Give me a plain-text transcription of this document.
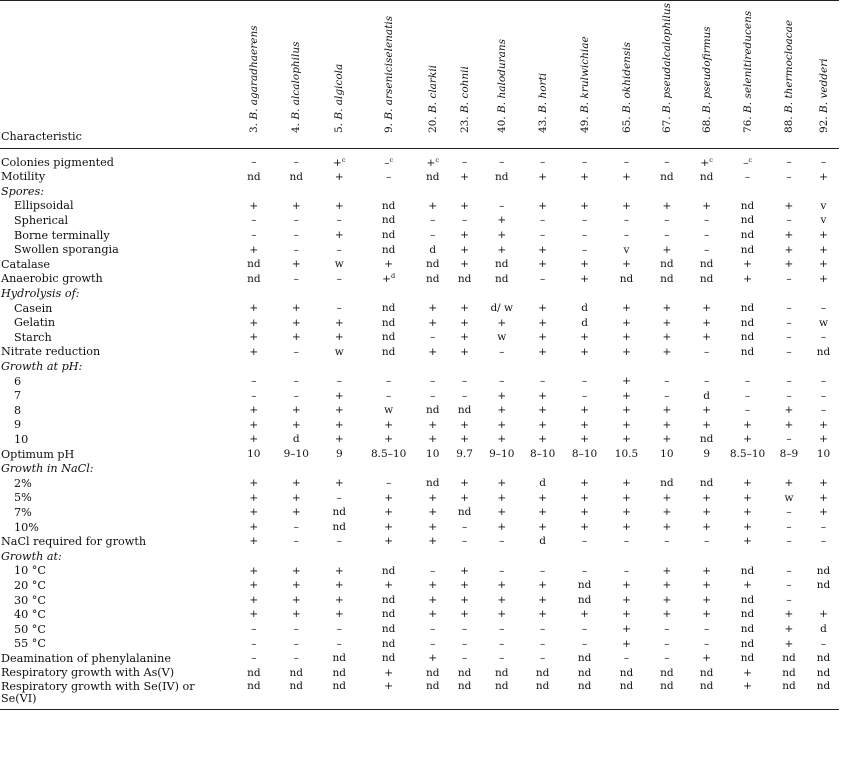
Characteristic	3. B. agaradhaerens	4. B. alcalophilus	5. B. algicola	9. B. arseniciselenatis	20. B. clarkii	23. B. cohnii	40. B. halodurans	43. B. horti	49. B. krulwichiae	65. B. okhidensis	67. B. pseudalcalophilus	68. B. pseudofirmus	76. B. selenitireducens	88. B. thermocloacae	92. B. vedderi

Colonies pigmented	–	–	+$^c$	–$^c$	+$^c$	–	–	–	–	–	–	+$^c$	–$^c$	–	–
Motility	nd	nd	+	–	nd	+	nd	+	+	+	nd	nd	–	–	+
Spores:															
Ellipsoidal	+	+	+	nd	+	+	–	+	+	+	+	+	nd	+	v
Spherical	–	–	–	nd	–	–	+	–	–	–	–	–	nd	–	v
Borne terminally	–	–	+	nd	–	+	+	–	–	–	–	–	nd	+	+
Swollen sporangia	+	–	–	nd	d	+	+	+	–	v	+	–	nd	+	+
Catalase	nd	+	w	+	nd	+	nd	+	+	+	nd	nd	+	+	+
Anaerobic growth	nd	–	–	+$^d$	nd	nd	nd	–	+	nd	nd	nd	+	–	+
Hydrolysis of:															
Casein	+	+	–	nd	+	+	d/ w	+	d	+	+	+	nd	–	–
Gelatin	+	+	+	nd	+	+	+	+	d	+	+	+	nd	–	w
Starch	+	+	+	nd	–	+	w	+	+	+	+	+	nd	–	–
Nitrate reduction	+	–	w	nd	+	+	–	+	+	+	+	–	nd	–	nd
Growth at pH:															
6	–	–	–	–	–	–	–	–	–	+	–	–	–	–	–
7	–	–	+	–	–	–	+	+	–	+	–	d	–	–	–
8	+	+	+	w	nd	nd	+	+	+	+	+	+	–	+	–
9	+	+	+	+	+	+	+	+	+	+	+	+	+	+	+
10	+	d	+	+	+	+	+	+	+	+	+	nd	+	–	+
Optimum pH	10	9–10	9	8.5–10	10	9.7	9–10	8–10	8–10	10.5	10	9	8.5–10	8–9	10
Growth in NaCl:															
2%	+	+	+	–	nd	+	+	d	+	+	nd	nd	+	+	+
5%	+	+	–	+	+	+	+	+	+	+	+	+	+	w	+
7%	+	+	nd	+	+	nd	+	+	+	+	+	+	+	–	+
10%	+	–	nd	+	+	–	+	+	+	+	+	+	+	–	–
NaCl required for growth	+	–	–	+	+	–	–	d	–	–	–	–	+	–	–
Growth at:															
10 °C	+	+	+	nd	–	+	–	–	–	–	+	+	nd	–	nd
20 °C	+	+	+	+	+	+	+	+	nd	+	+	+	+	–	nd
30 °C	+	+	+	nd	+	+	+	+	nd	+	+	+	nd	–	
40 °C	+	+	+	nd	+	+	+	+	+	+	+	+	nd	+	+
50 °C	–	–	–	nd	–	–	–	–	–	+	–	–	nd	+	d
55 °C	–	–	–	nd	–	–	–	–	–	+	–	–	nd	+	–
Deamination of phenylalanine	–	–	nd	nd	+	–	–	–	nd	–	–	+	nd	nd	nd
Respiratory growth with As(V)	nd	nd	nd	+	nd	nd	nd	nd	nd	nd	nd	nd	+	nd	nd
Respiratory growth with Se(IV) or Se(VI)	nd	nd	nd	+	nd	nd	nd	nd	nd	nd	nd	nd	+	nd	nd
